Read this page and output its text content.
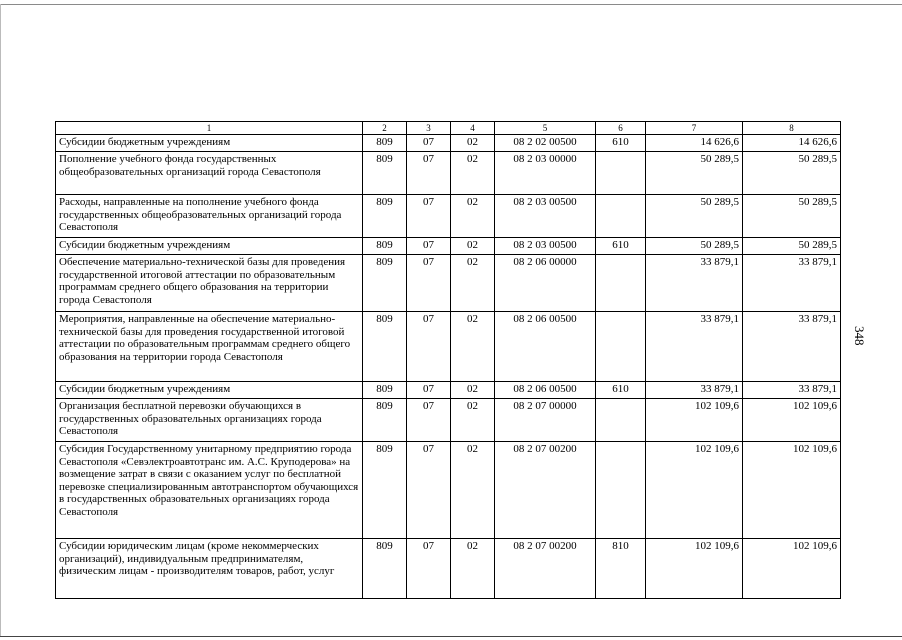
348
1	2	3	4	5	6	7	8
Субсидии бюджетным учреждениям	809	07	02	08 2 02 00500	610	14 626,6	14 626,6
Пополнение учебного фонда государственных общеобразовательных организаций города Севастополя	809	07	02	08 2 03 00000		50 289,5	50 289,5
Расходы, направленные на пополнение учебного фонда государственных общеобразовательных организаций города Севастополя	809	07	02	08 2 03 00500		50 289,5	50 289,5
Субсидии бюджетным учреждениям	809	07	02	08 2 03 00500	610	50 289,5	50 289,5
Обеспечение материально-технической базы для проведения государственной итоговой аттестации по образовательным программам среднего общего образования на территории города Севастополя	809	07	02	08 2 06 00000		33 879,1	33 879,1
Мероприятия, направленные на обеспечение материально-технической базы для проведения государственной итоговой аттестации по образовательным программам среднего общего образования на территории города Севастополя	809	07	02	08 2 06 00500		33 879,1	33 879,1
Субсидии бюджетным учреждениям	809	07	02	08 2 06 00500	610	33 879,1	33 879,1
Организация бесплатной перевозки обучающихся в государственных образовательных организациях города Севастополя	809	07	02	08 2 07 00000		102 109,6	102 109,6
Субсидия Государственному унитарному предприятию города Севастополя «Севэлектроавтотранс им. А.С. Круподерова» на возмещение затрат в связи с оказанием услуг по бесплатной перевозке специализированным автотранспортом обучающихся в государственных образовательных организациях города Севастополя	809	07	02	08 2 07 00200		102 109,6	102 109,6
Субсидии юридическим лицам (кроме некоммерческих организаций), индивидуальным предпринимателям, физическим лицам - производителям товаров, работ, услуг	809	07	02	08 2 07 00200	810	102 109,6	102 109,6
